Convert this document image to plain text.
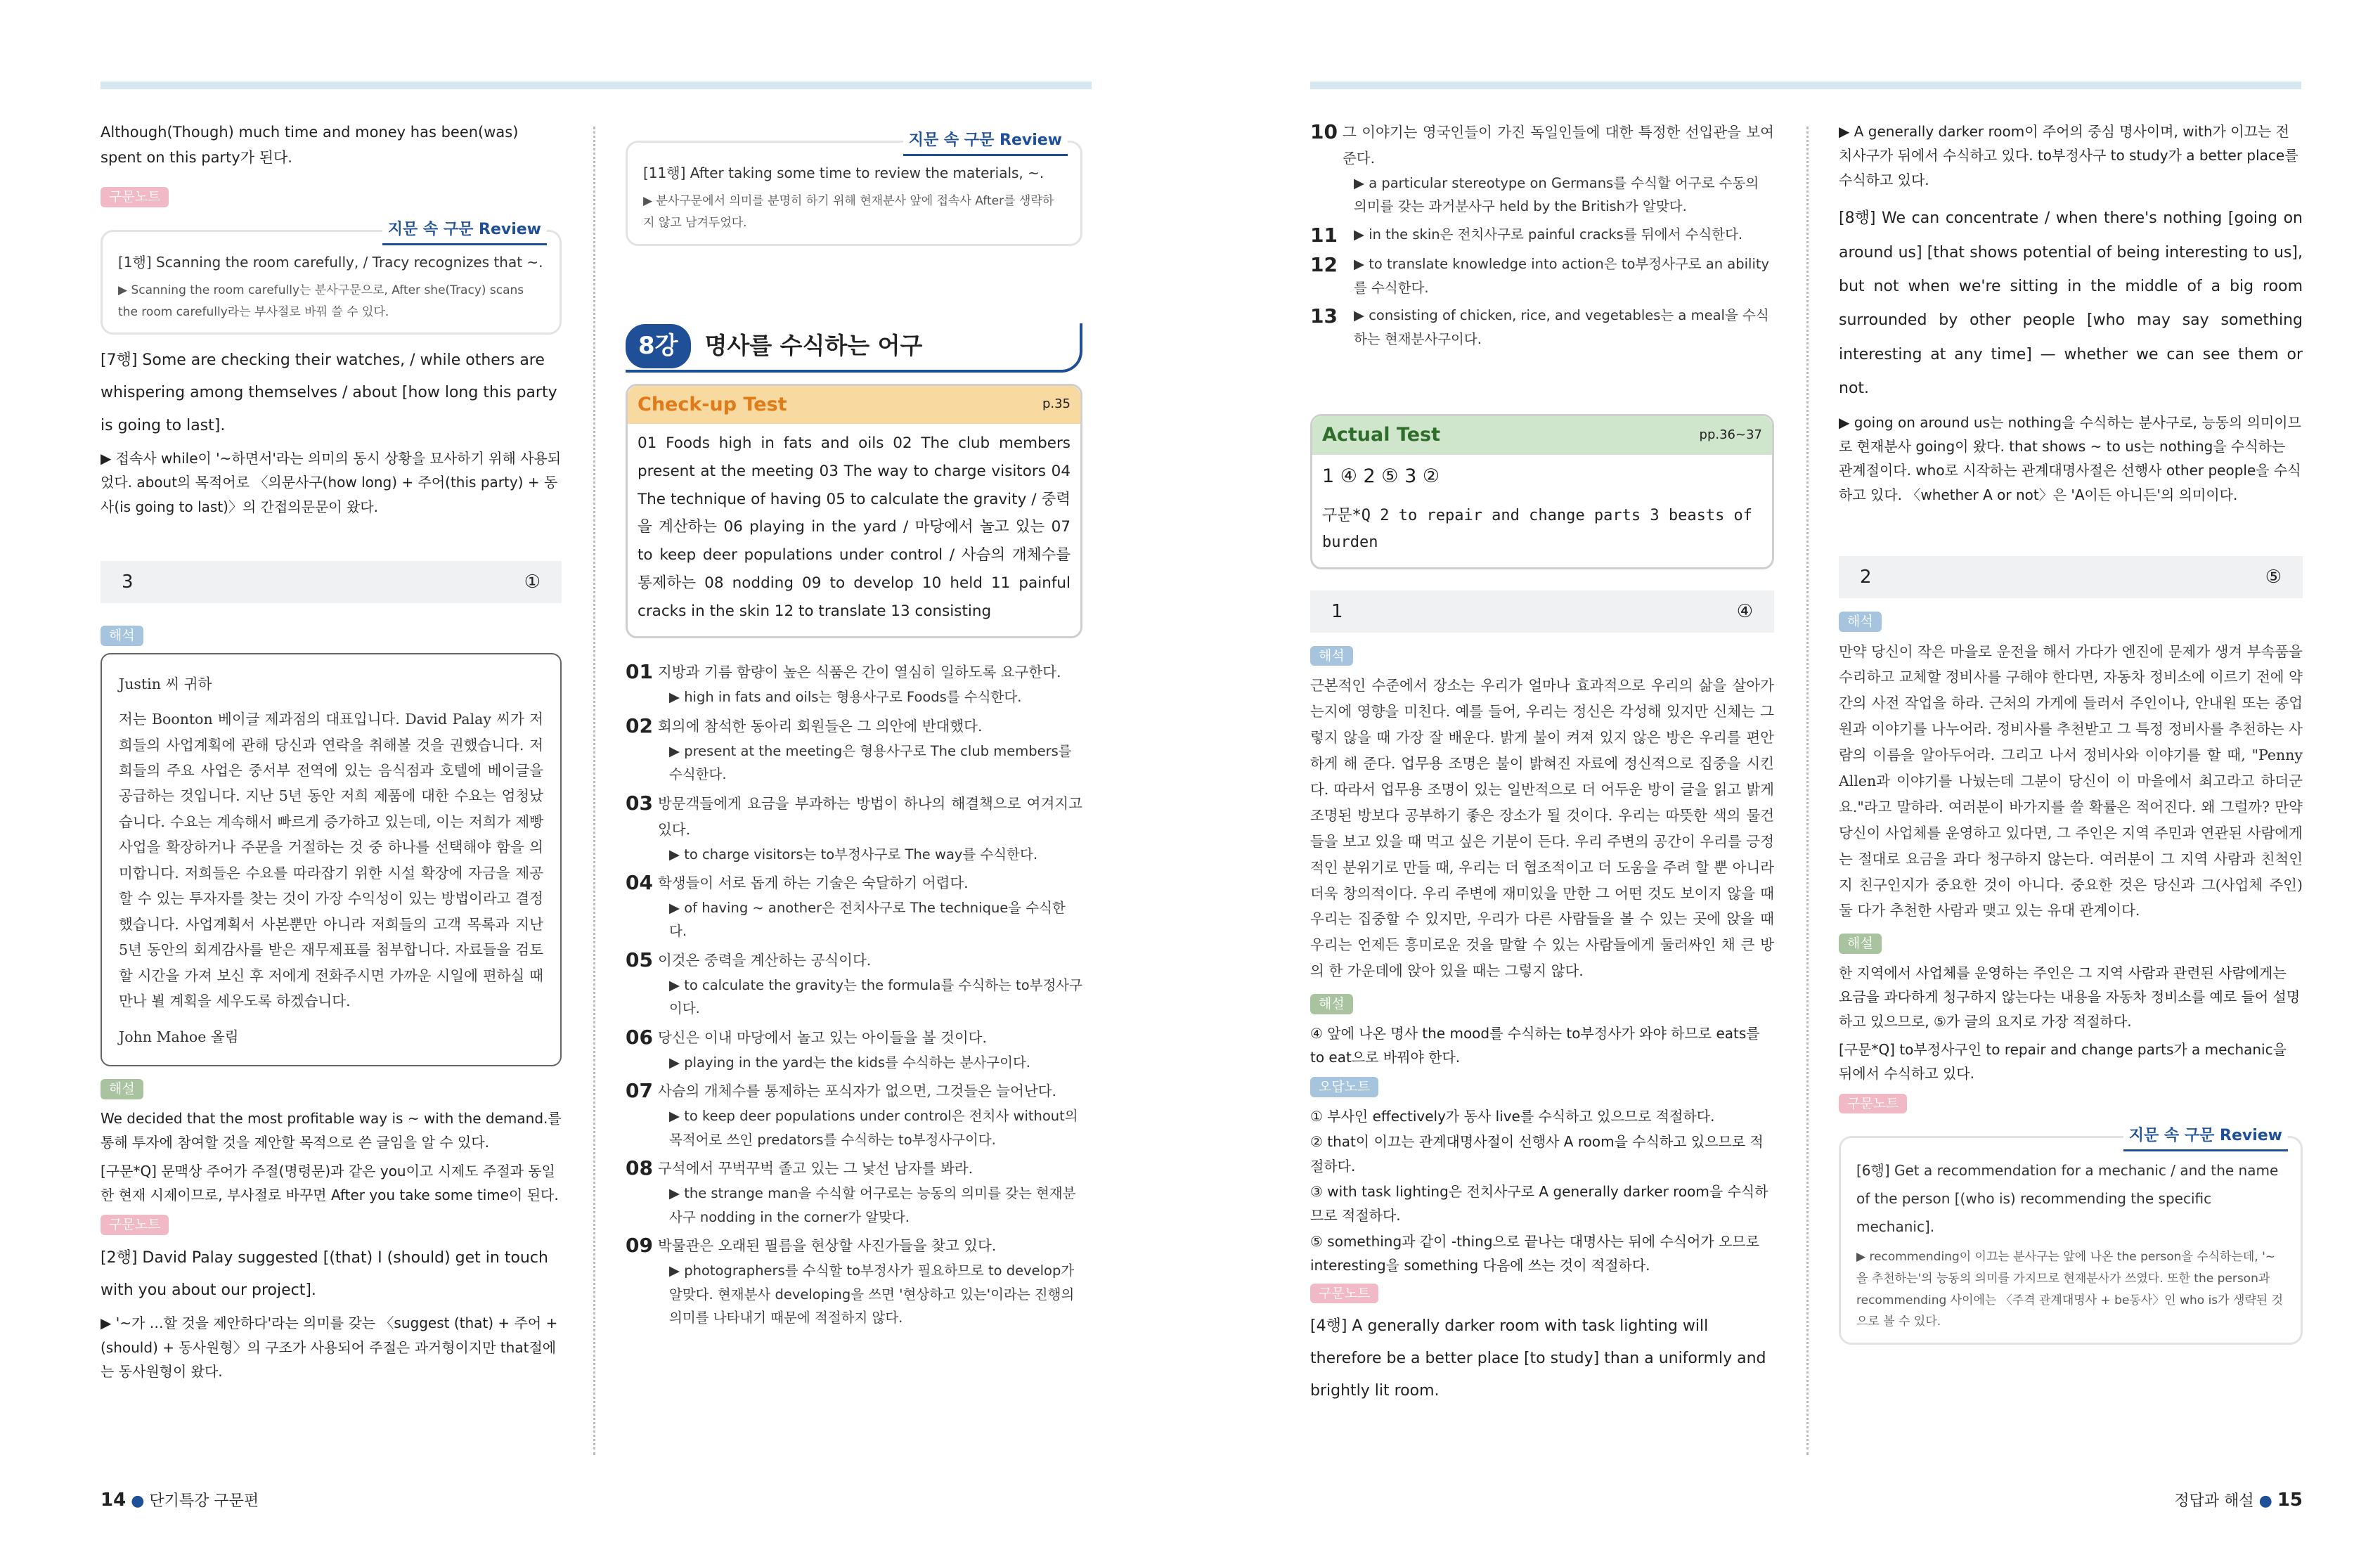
Although(Though) much time and money has been(was) spent on this party가 된다.

구문노트
지문 속 구문 Review
[1행] Scanning the room carefully, / Tracy recognizes that ~.
▶ Scanning the room carefully는 분사구문으로, After she(Tracy) scans the room carefully라는 부사절로 바꿔 쓸 수 있다.

[7행] Some are checking their watches, / while others are whispering among themselves / about [how long this party is going to last].

▶ 접속사 while이 '~하면서'라는 의미의 동시 상황을 묘사하기 위해 사용되었다. about의 목적어로 〈의문사구(how long) + 주어(this party) + 동사(is going to last)〉의 간접의문문이 왔다.

3	①
해석

Justin 씨 귀하

저는 Boonton 베이글 제과점의 대표입니다. David Palay 씨가 저희들의 사업계획에 관해 당신과 연락을 취해볼 것을 권했습니다. 저희들의 주요 사업은 중서부 전역에 있는 음식점과 호텔에 베이글을 공급하는 것입니다. 지난 5년 동안 저희 제품에 대한 수요는 엄청났습니다. 수요는 계속해서 빠르게 증가하고 있는데, 이는 저희가 제빵 사업을 확장하거나 주문을 거절하는 것 중 하나를 선택해야 함을 의미합니다. 저희들은 수요를 따라잡기 위한 시설 확장에 자금을 제공할 수 있는 투자자를 찾는 것이 가장 수익성이 있는 방법이라고 결정했습니다. 사업계획서 사본뿐만 아니라 저희들의 고객 목록과 지난 5년 동안의 회계감사를 받은 재무제표를 첨부합니다. 자료들을 검토할 시간을 가져 보신 후 저에게 전화주시면 가까운 시일에 편하실 때 만나 뵐 계획을 세우도록 하겠습니다.

John Mahoe 올림

해설

We decided that the most profitable way is ~ with the demand.를 통해 투자에 참여할 것을 제안할 목적으로 쓴 글임을 알 수 있다.

[구문*Q] 문맥상 주어가 주절(명령문)과 같은 you이고 시제도 주절과 동일한 현재 시제이므로, 부사절로 바꾸면 After you take some time이 된다.

구문노트

[2행] David Palay suggested [(that) I (should) get in touch with you about our project].

▶ '~가 …할 것을 제안하다'라는 의미를 갖는 〈suggest (that) + 주어 + (should) + 동사원형〉의 구조가 사용되어 주절은 과거형이지만 that절에는 동사원형이 왔다.

지문 속 구문 Review
[11행] After taking some time to review the materials, ~.
▶ 분사구문에서 의미를 분명히 하기 위해 현재분사 앞에 접속사 After를 생략하지 않고 남겨두었다.
8강	명사를 수식하는 어구
Check-up Test	p.35

01 Foods high in fats and oils 02 The club members present at the meeting 03 The way to charge visitors 04 The technique of having 05 to calculate the gravity / 중력을 계산하는 06 playing in the yard / 마당에서 놀고 있는 07 to keep deer populations under control / 사슴의 개체수를 통제하는 08 nodding 09 to develop 10 held 11 painful cracks in the skin 12 to translate 13 consisting

01 지방과 기름 함량이 높은 식품은 간이 열심히 일하도록 요구한다.
▶ high in fats and oils는 형용사구로 Foods를 수식한다.
02 회의에 참석한 동아리 회원들은 그 의안에 반대했다.
▶ present at the meeting은 형용사구로 The club members를 수식한다.
03 방문객들에게 요금을 부과하는 방법이 하나의 해결책으로 여겨지고 있다.
▶ to charge visitors는 to부정사구로 The way를 수식한다.
04 학생들이 서로 돕게 하는 기술은 숙달하기 어렵다.
▶ of having ~ another은 전치사구로 The technique을 수식한다.
05 이것은 중력을 계산하는 공식이다.
▶ to calculate the gravity는 the formula를 수식하는 to부정사구이다.
06 당신은 이내 마당에서 놀고 있는 아이들을 볼 것이다.
▶ playing in the yard는 the kids를 수식하는 분사구이다.
07 사슴의 개체수를 통제하는 포식자가 없으면, 그것들은 늘어난다.
▶ to keep deer populations under control은 전치사 without의 목적어로 쓰인 predators를 수식하는 to부정사구이다.
08 구석에서 꾸벅꾸벅 졸고 있는 그 낯선 남자를 봐라.
▶ the strange man을 수식할 어구로는 능동의 의미를 갖는 현재분사구 nodding in the corner가 알맞다.
09 박물관은 오래된 필름을 현상할 사진가들을 찾고 있다.
▶ photographers를 수식할 to부정사가 필요하므로 to develop가 알맞다. 현재분사 developing을 쓰면 '현상하고 있는'이라는 진행의 의미를 나타내기 때문에 적절하지 않다.
14 ● 단기특강 구문편
10 그 이야기는 영국인들이 가진 독일인들에 대한 특정한 선입관을 보여 준다.
▶ a particular stereotype on Germans를 수식할 어구로 수동의 의미를 갖는 과거분사구 held by the British가 알맞다.
11	▶ in the skin은 전치사구로 painful cracks를 뒤에서 수식한다.
12	▶ to translate knowledge into action은 to부정사구로 an ability를 수식한다.
13	▶ consisting of chicken, rice, and vegetables는 a meal을 수식하는 현재분사구이다.
Actual Test	pp.36~37

1 ④ 2 ⑤ 3 ②

구문*Q 2 to repair and change parts 3 beasts of burden

1	④
해석

근본적인 수준에서 장소는 우리가 얼마나 효과적으로 우리의 삶을 살아가는지에 영향을 미친다. 예를 들어, 우리는 정신은 각성해 있지만 신체는 그렇지 않을 때 가장 잘 배운다. 밝게 불이 켜져 있지 않은 방은 우리를 편안하게 해 준다. 업무용 조명은 불이 밝혀진 자료에 정신적으로 집중을 시킨다. 따라서 업무용 조명이 있는 일반적으로 더 어두운 방이 글을 읽고 밝게 조명된 방보다 공부하기 좋은 장소가 될 것이다. 우리는 따뜻한 색의 물건들을 보고 있을 때 먹고 싶은 기분이 든다. 우리 주변의 공간이 우리를 긍정적인 분위기로 만들 때, 우리는 더 협조적이고 더 도움을 주려 할 뿐 아니라 더욱 창의적이다. 우리 주변에 재미있을 만한 그 어떤 것도 보이지 않을 때 우리는 집중할 수 있지만, 우리가 다른 사람들을 볼 수 있는 곳에 앉을 때 우리는 언제든 흥미로운 것을 말할 수 있는 사람들에게 둘러싸인 채 큰 방의 한 가운데에 앉아 있을 때는 그렇지 않다.

해설

④ 앞에 나온 명사 the mood를 수식하는 to부정사가 와야 하므로 eats를 to eat으로 바꿔야 한다.

오답노트

① 부사인 effectively가 동사 live를 수식하고 있으므로 적절하다.

② that이 이끄는 관계대명사절이 선행사 A room을 수식하고 있으므로 적절하다.

③ with task lighting은 전치사구로 A generally darker room을 수식하므로 적절하다.

⑤ something과 같이 -thing으로 끝나는 대명사는 뒤에 수식어가 오므로 interesting을 something 다음에 쓰는 것이 적절하다.

구문노트

[4행] A generally darker room with task lighting will therefore be a better place [to study] than a uniformly and brightly lit room.

▶ A generally darker room이 주어의 중심 명사이며, with가 이끄는 전치사구가 뒤에서 수식하고 있다. to부정사구 to study가 a better place를 수식하고 있다.

[8행] We can concentrate / when there's nothing [going on around us] [that shows potential of being interesting to us], but not when we're sitting in the middle of a big room surrounded by other people [who may say something interesting at any time] — whether we can see them or not.

▶ going on around us는 nothing을 수식하는 분사구로, 능동의 의미이므로 현재분사 going이 왔다. that shows ~ to us는 nothing을 수식하는 관계절이다. who로 시작하는 관계대명사절은 선행사 other people을 수식하고 있다. 〈whether A or not〉은 'A이든 아니든'의 의미이다.

2	⑤
해석

만약 당신이 작은 마을로 운전을 해서 가다가 엔진에 문제가 생겨 부속품을 수리하고 교체할 정비사를 구해야 한다면, 자동차 정비소에 이르기 전에 약간의 사전 작업을 하라. 근처의 가게에 들러서 주인이나, 안내원 또는 종업원과 이야기를 나누어라. 정비사를 추천받고 그 특정 정비사를 추천하는 사람의 이름을 알아두어라. 그리고 나서 정비사와 이야기를 할 때, "Penny Allen과 이야기를 나눴는데 그분이 당신이 이 마을에서 최고라고 하더군요."라고 말하라. 여러분이 바가지를 쓸 확률은 적어진다. 왜 그럴까? 만약 당신이 사업체를 운영하고 있다면, 그 주인은 지역 주민과 연관된 사람에게는 절대로 요금을 과다 청구하지 않는다. 여러분이 그 지역 사람과 친척인지 친구인지가 중요한 것이 아니다. 중요한 것은 당신과 그(사업체 주인) 둘 다가 추천한 사람과 맺고 있는 유대 관계이다.

해설

한 지역에서 사업체를 운영하는 주인은 그 지역 사람과 관련된 사람에게는 요금을 과다하게 청구하지 않는다는 내용을 자동차 정비소를 예로 들어 설명하고 있으므로, ⑤가 글의 요지로 가장 적절하다.

[구문*Q] to부정사구인 to repair and change parts가 a mechanic을 뒤에서 수식하고 있다.

구문노트
지문 속 구문 Review
[6행] Get a recommendation for a mechanic / and the name of the person [(who is) recommending the specific mechanic].
▶ recommending이 이끄는 분사구는 앞에 나온 the person을 수식하는데, '~을 추천하는'의 능동의 의미를 가지므로 현재분사가 쓰였다. 또한 the person과 recommending 사이에는 〈주격 관계대명사 + be동사〉인 who is가 생략된 것으로 볼 수 있다.
정답과 해설 ● 15
